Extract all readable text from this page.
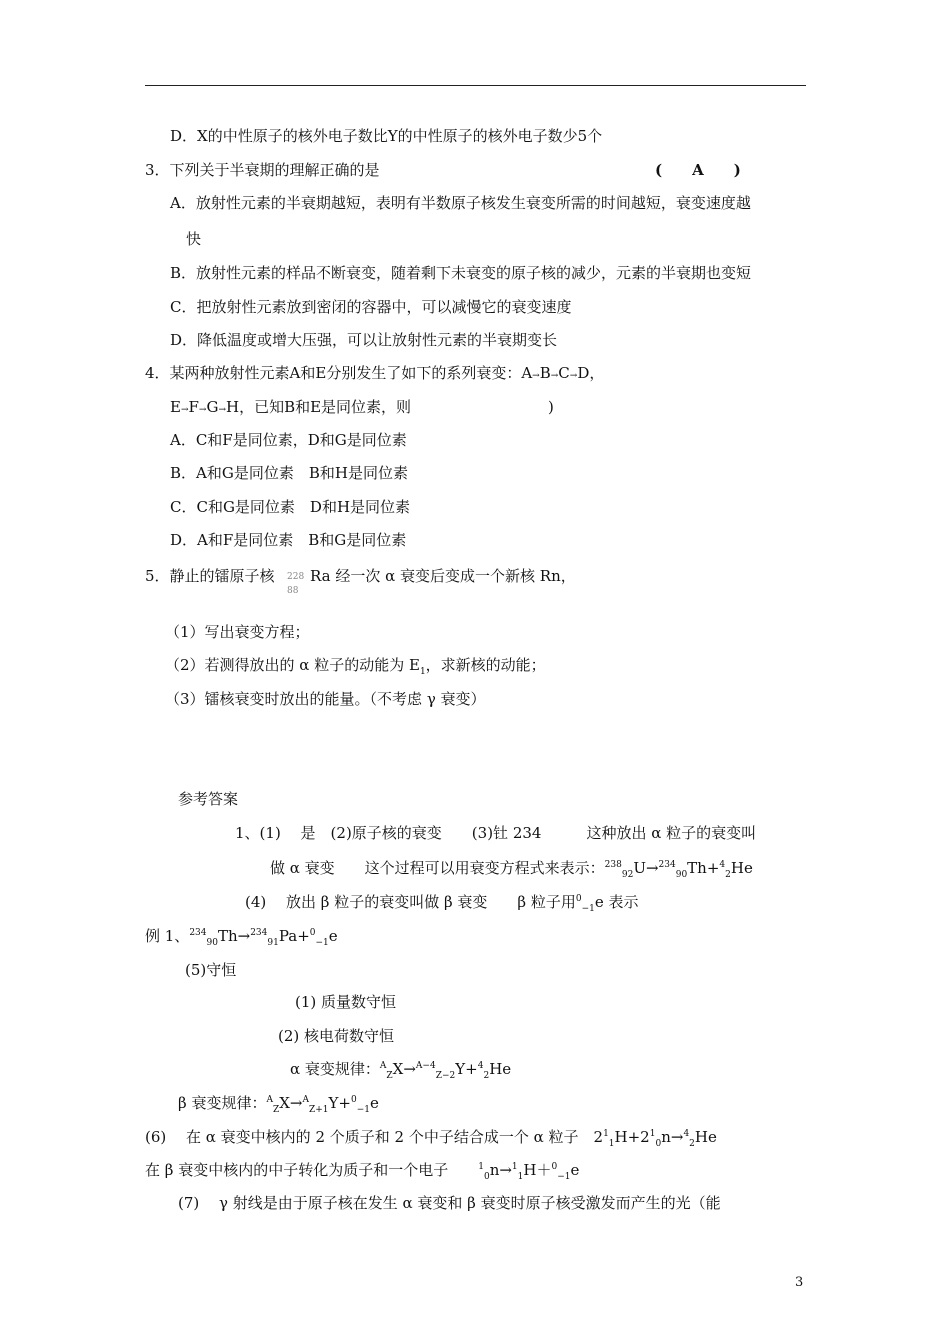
D．X的中性原子的核外电子数比Y的中性原子的核外电子数少5个
3．下列关于半衰期的理解正确的是	(　　A　　)
A．放射性元素的半衰期越短，表明有半数原子核发生衰变所需的时间越短，衰变速度越
快
B．放射性元素的样品不断衰变，随着剩下未衰变的原子核的减少，元素的半衰期也变短
C．把放射性元素放到密闭的容器中，可以减慢它的衰变速度
D．降低温度或增大压强，可以让放射性元素的半衰期变长
4．某两种放射性元素A和E分别发生了如下的系列衰变：A→B→C→D，
E→F→G→H，已知B和E是同位素，则	)
A．C和F是同位素，D和G是同位素
B．A和G是同位素　B和H是同位素
C．C和G是同位素　D和H是同位素
D．A和F是同位素　B和G是同位素
5．静止的镭原子核 228
88
Ra 经一次 α 衰变后变成一个新核 Rn，
（1）写出衰变方程；
（2）若测得放出的 α 粒子的动能为 $E_1$，求新核的动能；
（3）镭核衰变时放出的能量。（不考虑 γ 衰变）
参考答案
1、(1)　 是　(2)原子核的衰变　　(3)钍 234　　　这种放出 α 粒子的衰变叫
做 α 衰变　　这个过程可以用衰变方程式来表示：$^{238}_{92}$U→$^{234}_{90}$Th+$^4_2$He
(4)　 放出 β 粒子的衰变叫做 β 衰变　　β 粒子用$^0_{-1}$e 表示
例 1、$^{234}_{90}$Th→$^{234}_{91}$Pa+$^0_{-1}$e
(5)守恒
(1) 质量数守恒
(2) 核电荷数守恒
α 衰变规律：$^A_Z$X→$^{A-4}_{Z-2}$Y+$^4_2$He
β 衰变规律：$^A_Z$X→$^A_{Z+1}$Y+$^0_{-1}$e
(6)　 在 α 衰变中核内的 2 个质子和 2 个中子结合成一个 α 粒子　$2^1_1H+2^1_0n\to^4_2He$
在 β 衰变中核内的中子转化为质子和一个电子　　$^1_0$n→$^1_1$H＋$^0_{-1}$e
(7)　 γ 射线是由于原子核在发生 α 衰变和 β 衰变时原子核受激发而产生的光（能
3
